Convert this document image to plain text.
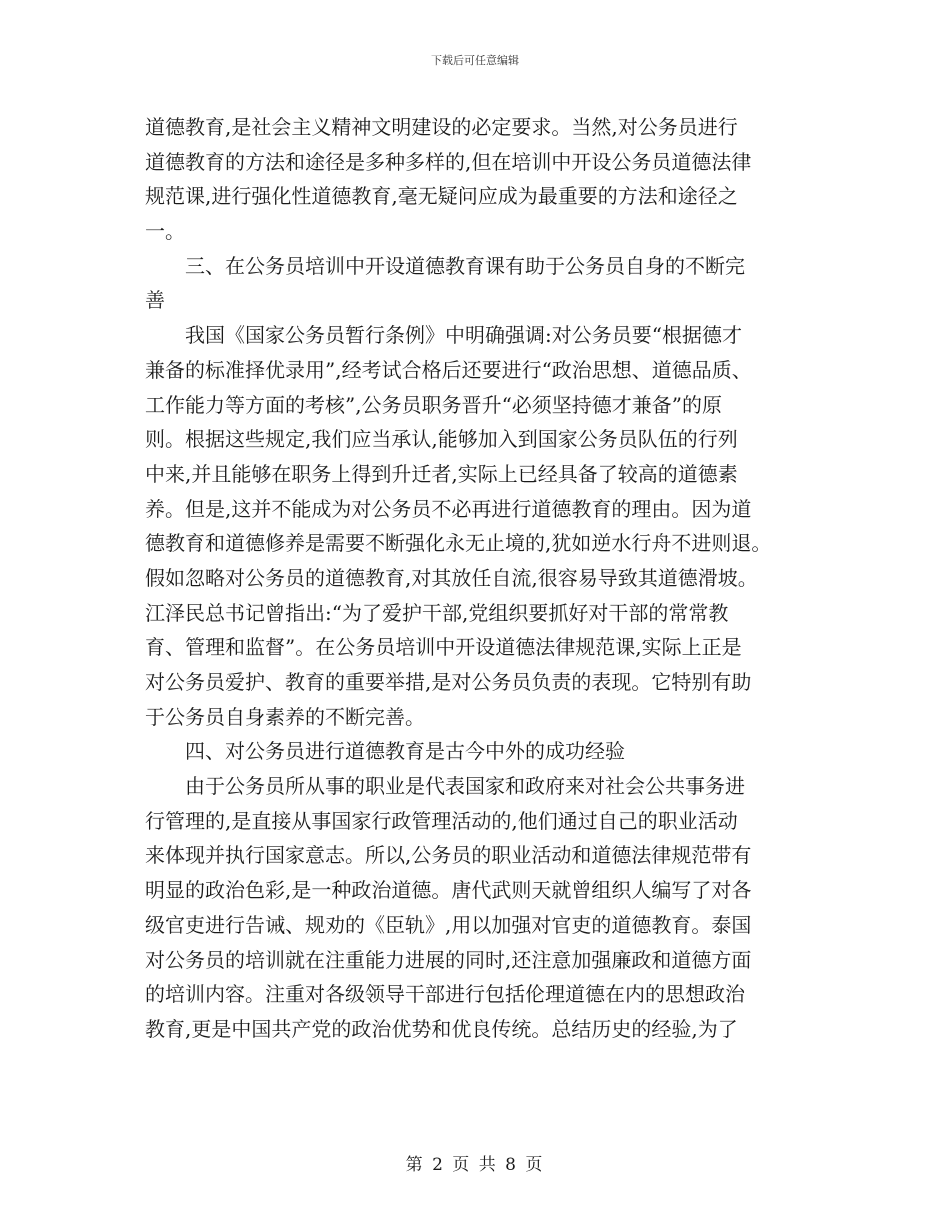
下载后可任意编辑
道德教育,是社会主义精神文明建设的必定要求。当然,对公务员进行
道德教育的方法和途径是多种多样的,但在培训中开设公务员道德法律
规范课,进行强化性道德教育,毫无疑问应成为最重要的方法和途径之
一。
　　三、在公务员培训中开设道德教育课有助于公务员自身的不断完
善
　　我国《国家公务员暂行条例》中明确强调:对公务员要“根据德才
兼备的标准择优录用”,经考试合格后还要进行“政治思想、道德品质、
工作能力等方面的考核”,公务员职务晋升“必须坚持德才兼备”的原
则。根据这些规定,我们应当承认,能够加入到国家公务员队伍的行列
中来,并且能够在职务上得到升迁者,实际上已经具备了较高的道德素
养。但是,这并不能成为对公务员不必再进行道德教育的理由。因为道
德教育和道德修养是需要不断强化永无止境的,犹如逆水行舟不进则退。
假如忽略对公务员的道德教育,对其放任自流,很容易导致其道德滑坡。
江泽民总书记曾指出:“为了爱护干部,党组织要抓好对干部的常常教
育、管理和监督”。在公务员培训中开设道德法律规范课,实际上正是
对公务员爱护、教育的重要举措,是对公务员负责的表现。它特别有助
于公务员自身素养的不断完善。
　　四、对公务员进行道德教育是古今中外的成功经验
　　由于公务员所从事的职业是代表国家和政府来对社会公共事务进
行管理的,是直接从事国家行政管理活动的,他们通过自己的职业活动
来体现并执行国家意志。所以,公务员的职业活动和道德法律规范带有
明显的政治色彩,是一种政治道德。唐代武则天就曾组织人编写了对各
级官吏进行告诫、规劝的《臣轨》,用以加强对官吏的道德教育。泰国
对公务员的培训就在注重能力进展的同时,还注意加强廉政和道德方面
的培训内容。注重对各级领导干部进行包括伦理道德在内的思想政治
教育,更是中国共产党的政治优势和优良传统。总结历史的经验,为了
第 2 页 共 8 页
